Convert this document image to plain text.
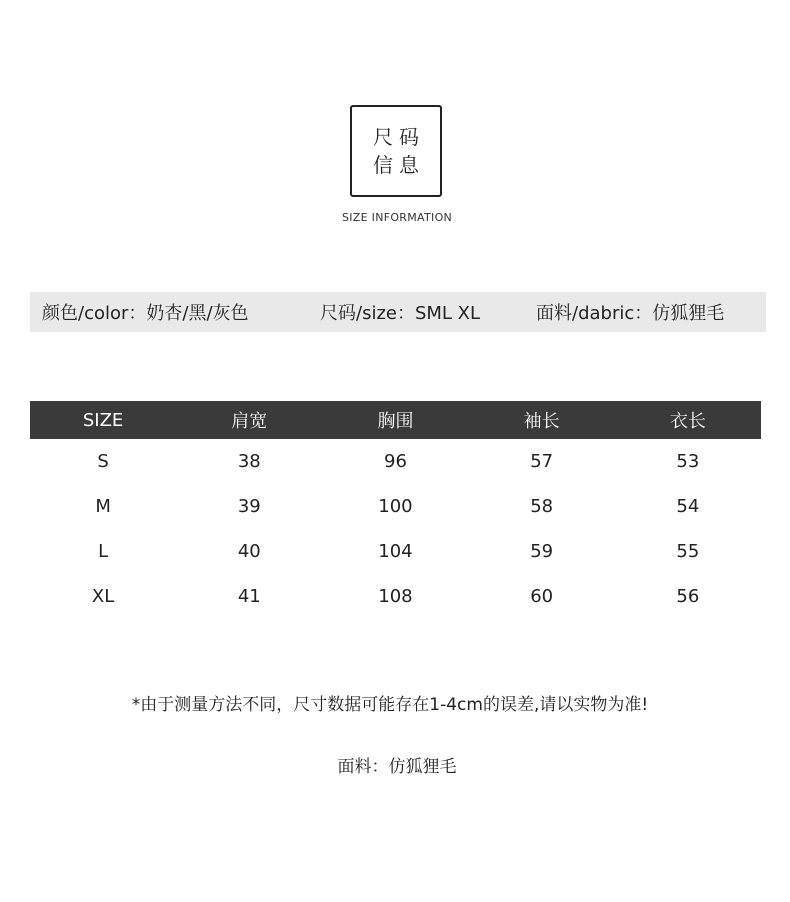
尺码
信息
SIZE INFORMATION
颜色/color：奶杏/黑/灰色	尺码/size：SML XL	面料/dabric：仿狐狸毛
SIZE	肩宽	胸围	袖长	衣长
S	38	96	57	53
M	39	100	58	54
L	40	104	59	55
XL	41	108	60	56
*由于测量方法不同，尺寸数据可能存在1-4cm的误差,请以实物为准!
面料：仿狐狸毛
